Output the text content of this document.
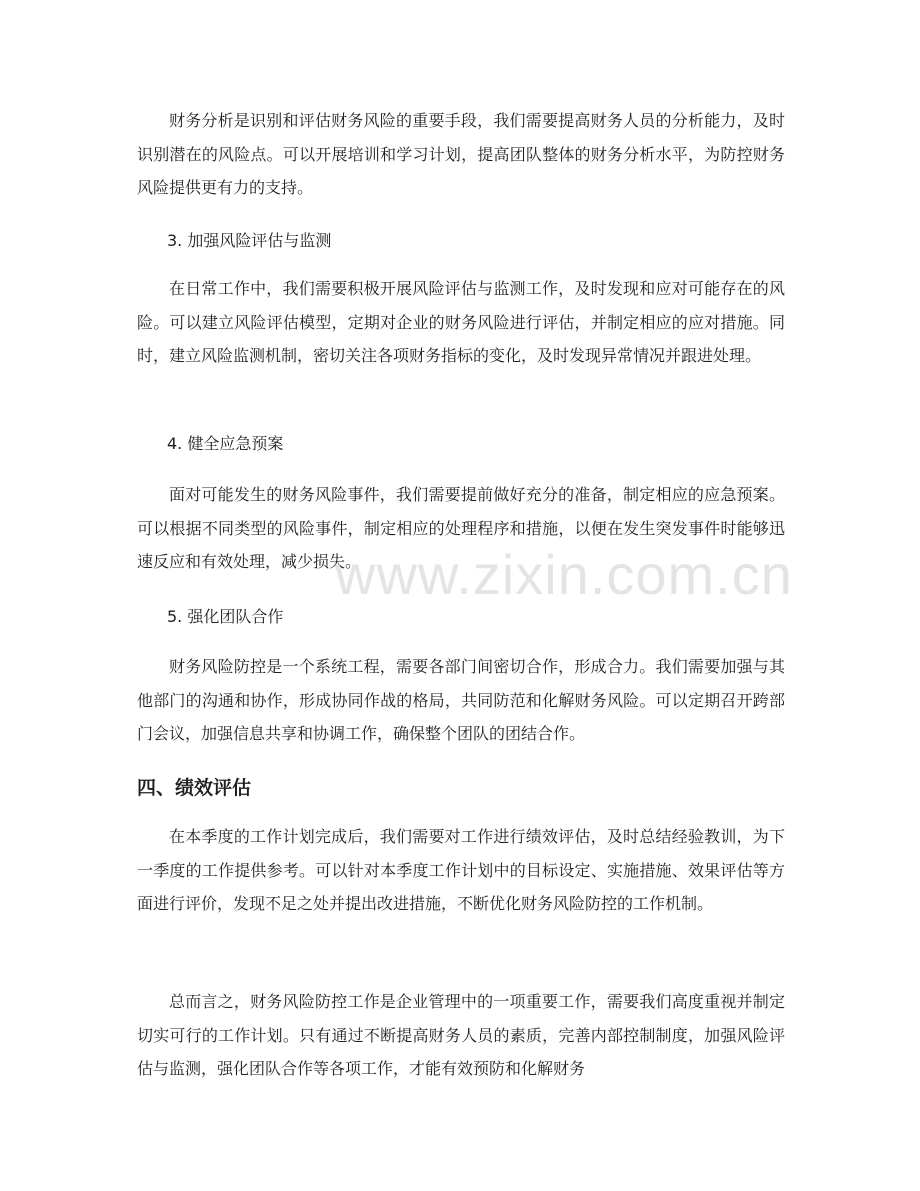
财务分析是识别和评估财务风险的重要手段，我们需要提高财务人员的分析能力，及时识别潜在的风险点。可以开展培训和学习计划，提高团队整体的财务分析水平，为防控财务风险提供更有力的支持。

3. 加强风险评估与监测

在日常工作中，我们需要积极开展风险评估与监测工作，及时发现和应对可能存在的风险。可以建立风险评估模型，定期对企业的财务风险进行评估，并制定相应的应对措施。同时，建立风险监测机制，密切关注各项财务指标的变化，及时发现异常情况并跟进处理。

4. 健全应急预案

面对可能发生的财务风险事件，我们需要提前做好充分的准备，制定相应的应急预案。可以根据不同类型的风险事件，制定相应的处理程序和措施，以便在发生突发事件时能够迅速反应和有效处理，减少损失。

5. 强化团队合作

财务风险防控是一个系统工程，需要各部门间密切合作，形成合力。我们需要加强与其他部门的沟通和协作，形成协同作战的格局，共同防范和化解财务风险。可以定期召开跨部门会议，加强信息共享和协调工作，确保整个团队的团结合作。

四、绩效评估

在本季度的工作计划完成后，我们需要对工作进行绩效评估，及时总结经验教训，为下一季度的工作提供参考。可以针对本季度工作计划中的目标设定、实施措施、效果评估等方面进行评价，发现不足之处并提出改进措施，不断优化财务风险防控的工作机制。

总而言之，财务风险防控工作是企业管理中的一项重要工作，需要我们高度重视并制定切实可行的工作计划。只有通过不断提高财务人员的素质，完善内部控制制度，加强风险评估与监测，强化团队合作等各项工作，才能有效预防和化解财务

www.zixin.com.cn
